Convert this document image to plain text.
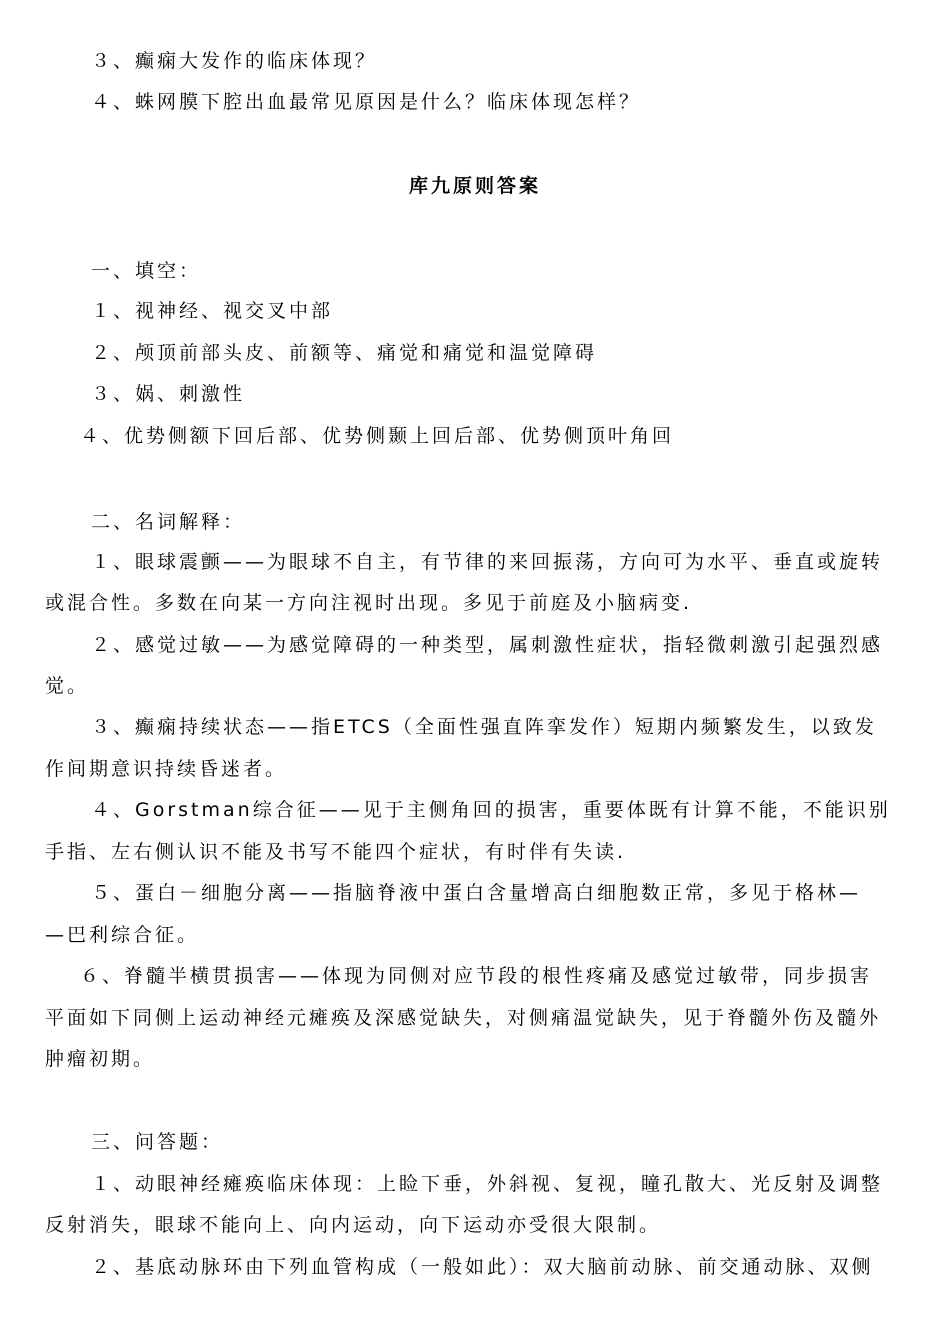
３、癫痫大发作的临床体现？
４、蛛网膜下腔出血最常见原因是什么？临床体现怎样？
库九原则答案
一、填空：
１、视神经、视交叉中部
２、颅顶前部头皮、前额等、痛觉和痛觉和温觉障碍
３、娲、刺激性
４、优势侧额下回后部、优势侧颞上回后部、优势侧顶叶角回
二、名词解释：
１、眼球震颤——为眼球不自主，有节律的来回振荡，方向可为水平、垂直或旋转
或混合性。多数在向某一方向注视时出现。多见于前庭及小脑病变.
２、感觉过敏——为感觉障碍的一种类型，属刺激性症状，指轻微刺激引起强烈感
觉。
３、癫痫持续状态——指ETCS（全面性强直阵挛发作）短期内频繁发生，以致发
作间期意识持续昏迷者。
４、Gorstman综合征——见于主侧角回的损害，重要体既有计算不能，不能识别
手指、左右侧认识不能及书写不能四个症状，有时伴有失读.
５、蛋白－细胞分离——指脑脊液中蛋白含量增高白细胞数正常，多见于格林—
—巴利综合征。
６、脊髓半横贯损害——体现为同侧对应节段的根性疼痛及感觉过敏带，同步损害
平面如下同侧上运动神经元瘫痪及深感觉缺失，对侧痛温觉缺失，见于脊髓外伤及髓外
肿瘤初期。
三、问答题：
１、动眼神经瘫痪临床体现：上睑下垂，外斜视、复视，瞳孔散大、光反射及调整
反射消失，眼球不能向上、向内运动，向下运动亦受很大限制。
２、基底动脉环由下列血管构成（一般如此）：双大脑前动脉、前交通动脉、双侧
